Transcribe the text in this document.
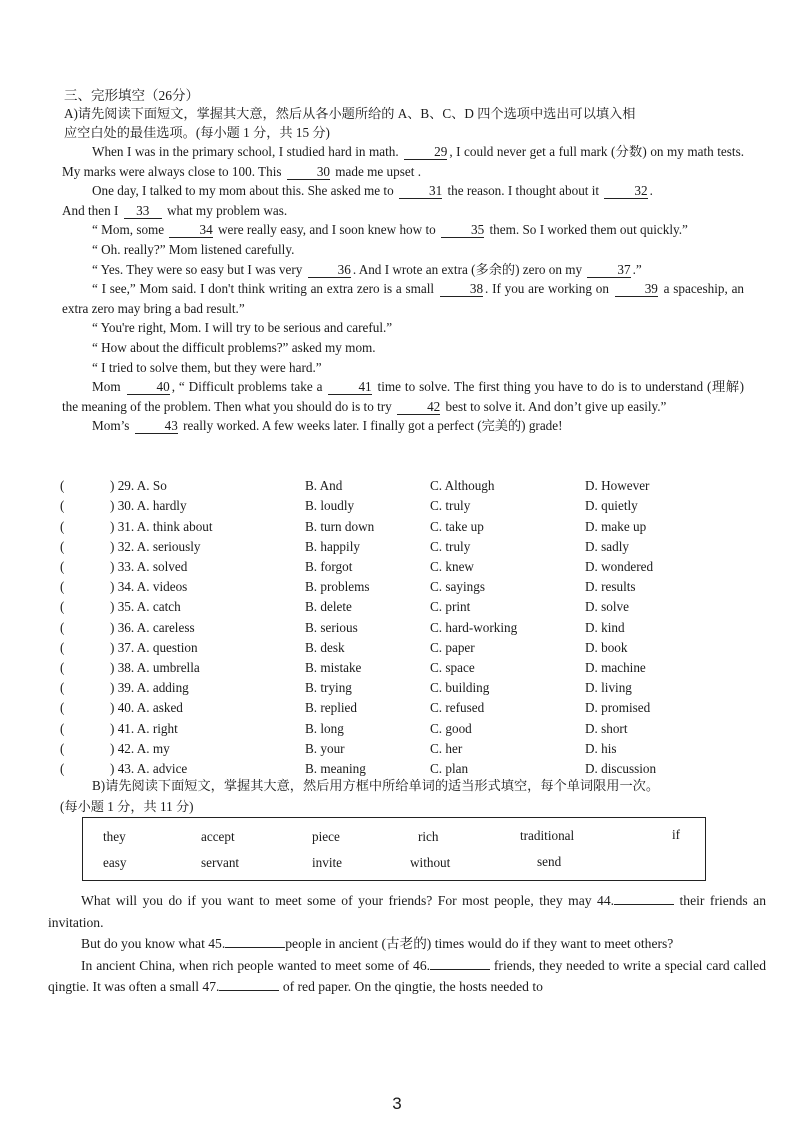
三、完形填空（26分）
A)请先阅读下面短文，掌握其大意，然后从各小题所给的 A、B、C、D 四个选项中选出可以填入相
应空白处的最佳选项。(每小题 1 分，共 15 分)

When I was in the primary school, I studied hard in math.	29 , I could never get a full mark (分数) on my math tests. My marks were always close to 100. This	30 made me upset .

One day, I talked to my mom about this. She asked me to	31 the reason. I thought about it	32 .

And then I 33 what my problem was.

“ Mom, some	34 were really easy, and I soon knew how to	35 them. So I worked them out quickly.”

“ Oh. really?” Mom listened carefully.

“ Yes. They were so easy but I was very	36 . And I wrote an extra (多余的) zero on my	37 .”

“ I see,” Mom said. I don't think writing an extra zero is a small	38 . If you are working on	39 a spaceship, an extra zero may bring a bad result.”

“ You're right, Mom. I will try to be serious and careful.”

“ How about the difficult problems?” asked my mom.

“ I tried to solve them, but they were hard.”

Mom	40 , “ Difficult problems take a	41 time to solve. The first thing you have to do is to understand (理解) the meaning of the problem. Then what you should do is to try	42 best to solve it. And don’t give up easily.”

Mom’s	43 really worked. A few weeks later. I finally got a perfect (完美的) grade!

(	) 29. A. So	B. And	C. Although	D. However
(	) 30. A. hardly	B. loudly	C. truly	D. quietly
(	) 31. A. think about	B. turn down	C. take up	D. make up
(	) 32. A. seriously	B. happily	C. truly	D. sadly
(	) 33. A. solved	B. forgot	C. knew	D. wondered
(	) 34. A. videos	B. problems	C. sayings	D. results
(	) 35. A. catch	B. delete	C. print	D. solve
(	) 36. A. careless	B. serious	C. hard-working	D. kind
(	) 37. A. question	B. desk	C. paper	D. book
(	) 38. A. umbrella	B. mistake	C. space	D. machine
(	) 39. A. adding	B. trying	C. building	D. living
(	) 40. A. asked	B. replied	C. refused	D. promised
(	) 41. A. right	B. long	C. good	D. short
(	) 42. A. my	B. your	C. her	D. his
(	) 43. A. advice	B. meaning	C. plan	D. discussion
B)请先阅读下面短文，掌握其大意，然后用方框中所给单词的适当形式填空，每个单词限用一次。
(每小题 1 分，共 11 分)
they	accept	piece	rich	traditional	if
easy	servant	invite	without	send

What will you do if you want to meet some of your friends? For most people, they may 44.	their friends an invitation.

But do you know what 45.	people in ancient (古老的) times would do if they want to meet others?

In ancient China, when rich people wanted to meet some of 46.	friends, they needed to write a special card called qingtie. It was often a small 47.	of red paper. On the qingtie, the hosts needed to

3
